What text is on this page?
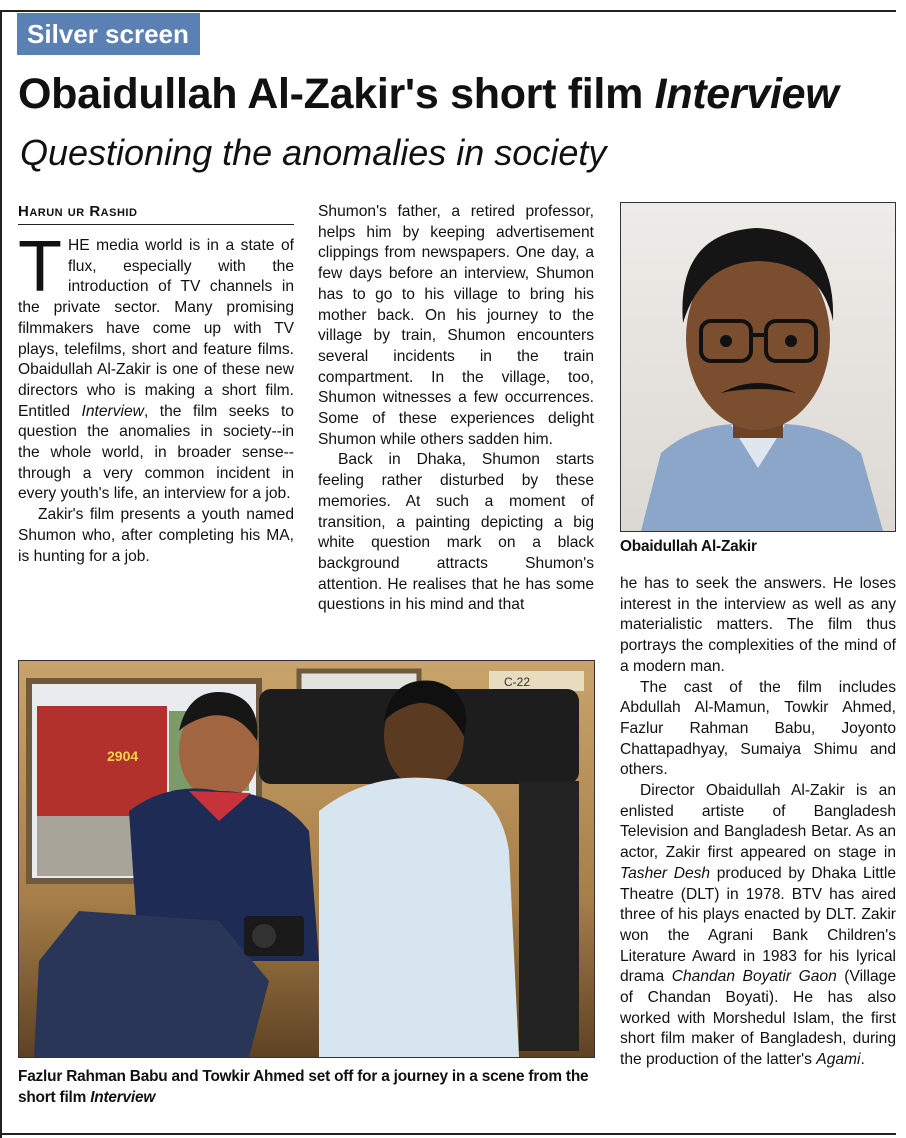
Silver screen
Obaidullah Al-Zakir's short film Interview
Questioning the anomalies in society
Harun ur Rashid

THE media world is in a state of flux, especially with the introduction of TV channels in the private sector. Many promising filmmakers have come up with TV plays, telefilms, short and feature films. Obaidullah Al-Zakir is one of these new directors who is making a short film. Entitled Interview, the film seeks to question the anomalies in society--in the whole world, in broader sense--through a very common incident in every youth's life, an interview for a job.

Zakir's film presents a youth named Shumon who, after completing his MA, is hunting for a job.

Shumon's father, a retired professor, helps him by keeping advertisement clippings from newspapers. One day, a few days before an interview, Shumon has to go to his village to bring his mother back. On his journey to the village by train, Shumon encounters several incidents in the train compartment. In the village, too, Shumon witnesses a few occurrences. Some of these experiences delight Shumon while others sadden him.

Back in Dhaka, Shumon starts feeling rather disturbed by these memories. At such a moment of transition, a painting depicting a big white question mark on a black background attracts Shumon's attention. He realises that he has some questions in his mind and that

Obaidullah Al-Zakir

he has to seek the answers. He loses interest in the interview as well as any materialistic matters. The film thus portrays the complexities of the mind of a modern man.

The cast of the film includes Abdullah Al-Mamun, Towkir Ahmed, Fazlur Rahman Babu, Joyonto Chattapadhyay, Sumaiya Shimu and others.

Director Obaidullah Al-Zakir is an enlisted artiste of Bangladesh Television and Bangladesh Betar. As an actor, Zakir first appeared on stage in Tasher Desh produced by Dhaka Little Theatre (DLT) in 1978. BTV has aired three of his plays enacted by DLT. Zakir won the Agrani Bank Children's Literature Award in 1983 for his lyrical drama Chandan Boyatir Gaon (Village of Chandan Boyati). He has also worked with Morshedul Islam, the first short film maker of Bangladesh, during the production of the latter's Agami.

2904
C-22
Fazlur Rahman Babu and Towkir Ahmed set off for a journey in a scene from the short film Interview
